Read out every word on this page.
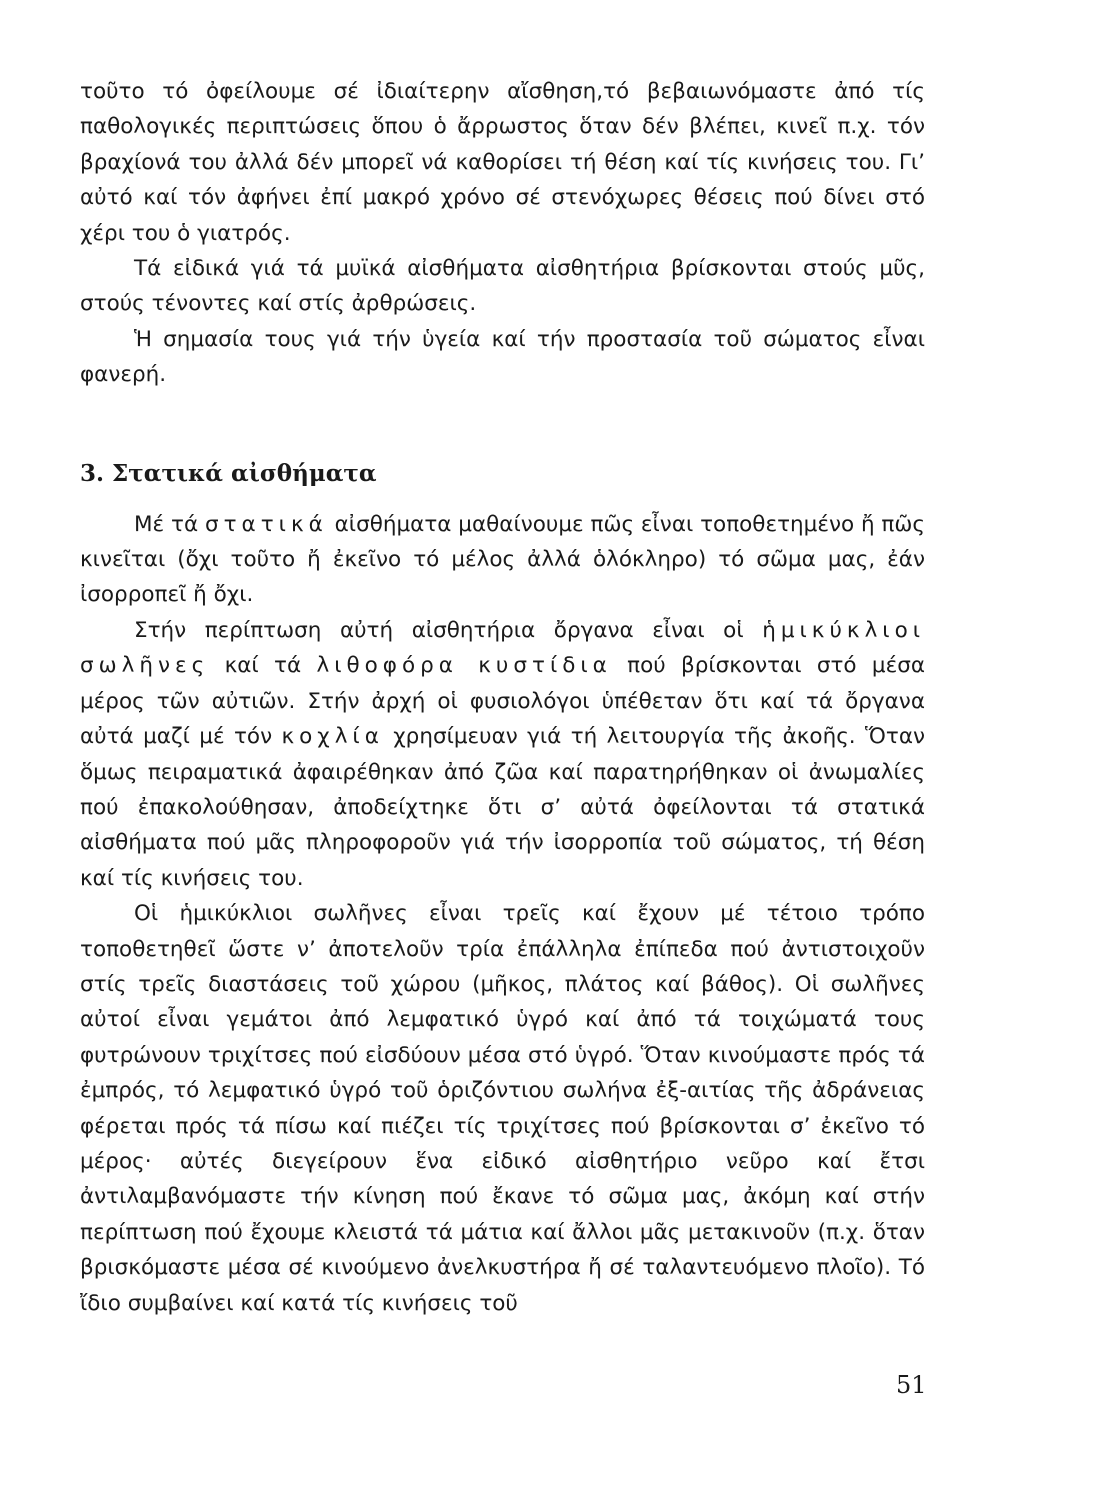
τοῦτο τό ὀφείλουμε σέ ἰδιαίτερην αἴσθηση,τό βεβαιωνόμαστε ἀπό τίς παθολογικές περιπτώσεις ὅπου ὁ ἄρρωστος ὅταν δέν βλέπει, κινεῖ π.χ. τόν βραχίονά του ἀλλά δέν μπορεῖ νά καθορίσει τή θέση καί τίς κινήσεις του. Γι’ αὐτό καί τόν ἀφήνει ἐπί μακρό χρόνο σέ στενόχωρες θέσεις πού δίνει στό χέρι του ὁ γιατρός.

Τά εἰδικά γιά τά μυϊκά αἰσθήματα αἰσθητήρια βρίσκονται στούς μῦς, στούς τένοντες καί στίς ἀρθρώσεις.

Ἡ σημασία τους γιά τήν ὑγεία καί τήν προστασία τοῦ σώματος εἶναι φανερή.

3. Στατικά αἰσθήματα

Μέ τά στατικά αἰσθήματα μαθαίνουμε πῶς εἶναι τοποθετημένο ἤ πῶς κινεῖται (ὄχι τοῦτο ἤ ἐκεῖνο τό μέλος ἀλλά ὁλόκληρο) τό σῶμα μας, ἐάν ἰσορροπεῖ ἤ ὄχι.

Στήν περίπτωση αὐτή αἰσθητήρια ὄργανα εἶναι οἱ ἡμικύκλιοι σωλῆνες καί τά λιθοφόρα κυστίδια πού βρίσκονται στό μέσα μέρος τῶν αὐτιῶν. Στήν ἀρχή οἱ φυσιολόγοι ὑπέθεταν ὅτι καί τά ὄργανα αὐτά μαζί μέ τόν κοχλία χρησίμευαν γιά τή λειτουργία τῆς ἀκοῆς. Ὅταν ὅμως πειραματικά ἀφαιρέθηκαν ἀπό ζῶα καί παρατηρήθηκαν οἱ ἀνωμαλίες πού ἐπακολούθησαν, ἀποδείχτηκε ὅτι σ’ αὐτά ὀφείλονται τά στατικά αἰσθήματα πού μᾶς πληροφοροῦν γιά τήν ἰσορροπία τοῦ σώματος, τή θέση καί τίς κινήσεις του.

Οἱ ἡμικύκλιοι σωλῆνες εἶναι τρεῖς καί ἔχουν μέ τέτοιο τρόπο τοποθετηθεῖ ὥστε ν’ ἀποτελοῦν τρία ἐπάλληλα ἐπίπεδα πού ἀντιστοιχοῦν στίς τρεῖς διαστάσεις τοῦ χώρου (μῆκος, πλάτος καί βάθος). Οἱ σωλῆνες αὐτοί εἶναι γεμάτοι ἀπό λεμφατικό ὑγρό καί ἀπό τά τοιχώματά τους φυτρώνουν τριχίτσες πού εἰσδύουν μέσα στό ὑγρό. Ὅταν κινούμαστε πρός τά ἐμπρός, τό λεμφατικό ὑγρό τοῦ ὁριζόντιου σωλήνα ἐξ-αιτίας τῆς ἀδράνειας φέρεται πρός τά πίσω καί πιέζει τίς τριχίτσες πού βρίσκονται σ’ ἐκεῖνο τό μέρος· αὐτές διεγείρουν ἕνα εἰδικό αἰσθητήριο νεῦρο καί ἔτσι ἀντιλαμβανόμαστε τήν κίνηση πού ἔκανε τό σῶμα μας, ἀκόμη καί στήν περίπτωση πού ἔχουμε κλειστά τά μάτια καί ἄλλοι μᾶς μετακινοῦν (π.χ. ὅταν βρισκόμαστε μέσα σέ κινούμενο ἀνελκυστήρα ἤ σέ ταλαντευόμενο πλοῖο). Τό ἴδιο συμβαίνει καί κατά τίς κινήσεις τοῦ

51
